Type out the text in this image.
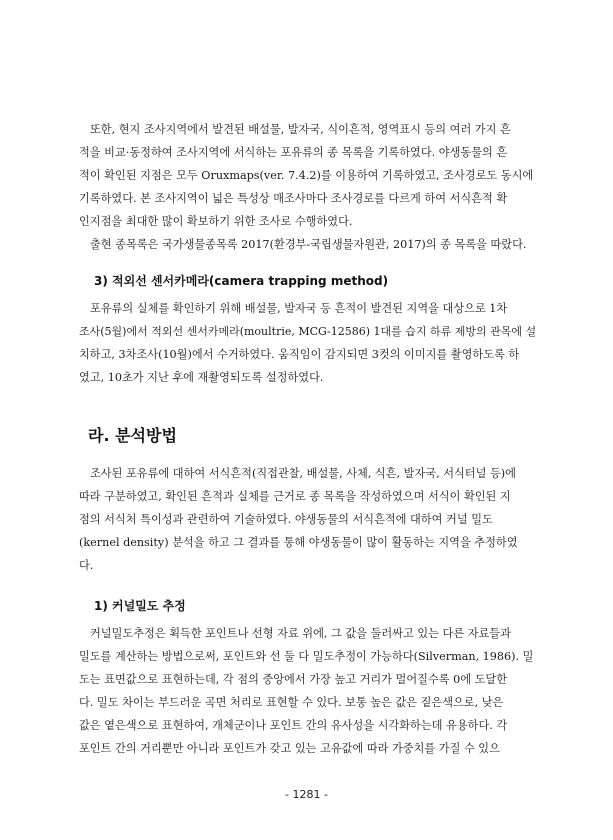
또한, 현지 조사지역에서 발견된 배설물, 발자국, 식이흔적, 영역표시 등의 여러 가지 흔
적을 비교·동정하여 조사지역에 서식하는 포유류의 종 목록을 기록하였다. 야생동물의 흔
적이 확인된 지점은 모두 Oruxmaps(ver. 7.4.2)를 이용하여 기록하였고, 조사경로도 동시에
기록하였다. 본 조사지역이 넓은 특성상 매조사마다 조사경로를 다르게 하여 서식흔적 확
인지점을 최대한 많이 확보하기 위한 조사로 수행하였다.
출현 종목록은 국가생물종목록 2017(환경부-국립생물자원관, 2017)의 종 목록을 따랐다.
3) 적외선 센서카메라(camera trapping method)
포유류의 실체를 확인하기 위해 배설물, 발자국 등 흔적이 발견된 지역을 대상으로 1차
조사(5월)에서 적외선 센서카메라(moultrie, MCG-12586) 1대를 습지 하류 제방의 관목에 설
치하고, 3차조사(10월)에서 수거하였다. 움직임이 감지되면 3컷의 이미지를 촬영하도록 하
였고, 10초가 지난 후에 재촬영되도록 설정하였다.
라. 분석방법
조사된 포유류에 대하여 서식흔적(직접관찰, 배설물, 사체, 식흔, 발자국, 서식터널 등)에
따라 구분하였고, 확인된 흔적과 실체를 근거로 종 목록을 작성하였으며 서식이 확인된 지
점의 서식처 특이성과 관련하여 기술하였다. 야생동물의 서식흔적에 대하여 커널 밀도
(kernel density) 분석을 하고 그 결과를 통해 야생동물이 많이 활동하는 지역을 추정하였
다.
1) 커널밀도 추정
커널밀도추정은 획득한 포인트나 선형 자료 위에, 그 값을 둘러싸고 있는 다른 자료들과
밀도를 계산하는 방법으로써, 포인트와 선 둘 다 밀도추정이 가능하다(Silverman, 1986). 밀
도는 표면값으로 표현하는데, 각 점의 중앙에서 가장 높고 거리가 멀어질수록 0에 도달한
다. 밀도 차이는 부드러운 곡면 처리로 표현할 수 있다. 보통 높은 값은 짙은색으로, 낮은
값은 옅은색으로 표현하여, 개체군이나 포인트 간의 유사성을 시각화하는데 유용하다. 각
포인트 간의 거리뿐만 아니라 포인트가 갖고 있는 고유값에 따라 가중치를 가질 수 있으
- 1281 -
